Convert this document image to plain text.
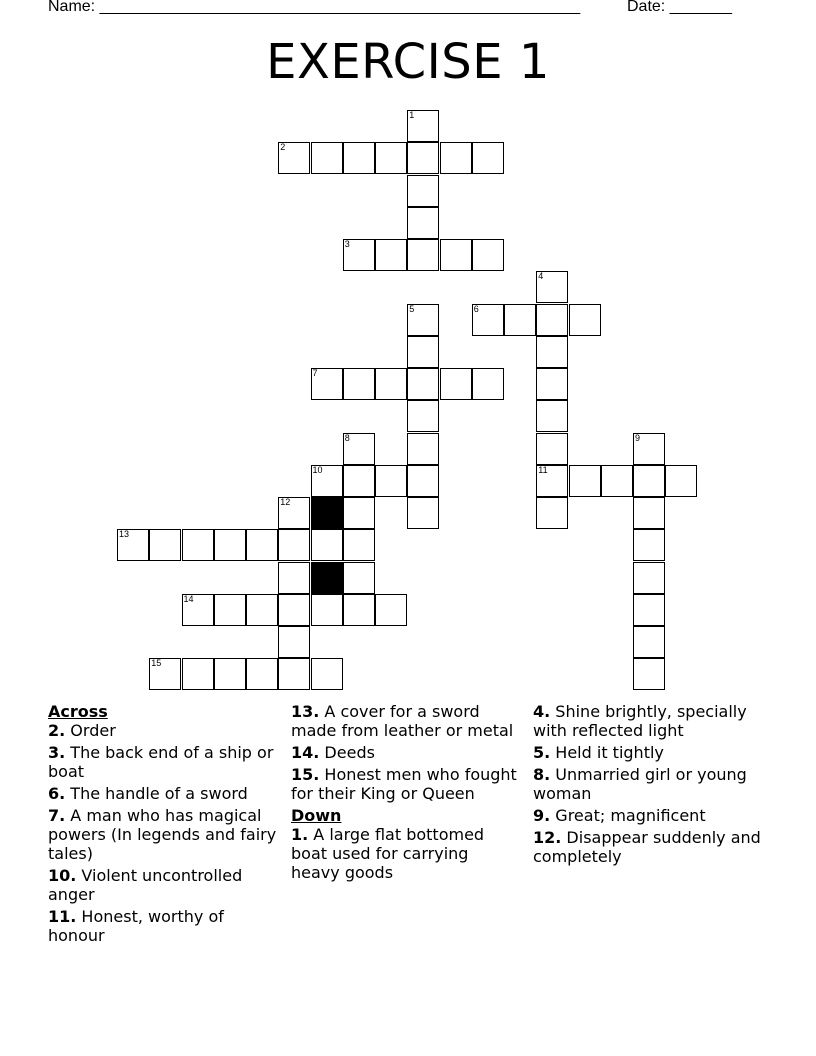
Name: ______________________________________________________	Date: _______
EXERCISE 1
1
2
3
4
5	6
7
8	9
10	11
12
13
14
15
Across
2. Order
3. The back end of a ship or boat
6. The handle of a sword
7. A man who has magical powers (In legends and fairy tales)
10. Violent uncontrolled anger
11. Honest, worthy of honour
13. A cover for a sword made from leather or metal
14. Deeds
15. Honest men who fought for their King or Queen
Down
1. A large flat bottomed boat used for carrying heavy goods
4. Shine brightly, specially with reflected light
5. Held it tightly
8. Unmarried girl or young woman
9. Great; magnificent
12. Disappear suddenly and completely
